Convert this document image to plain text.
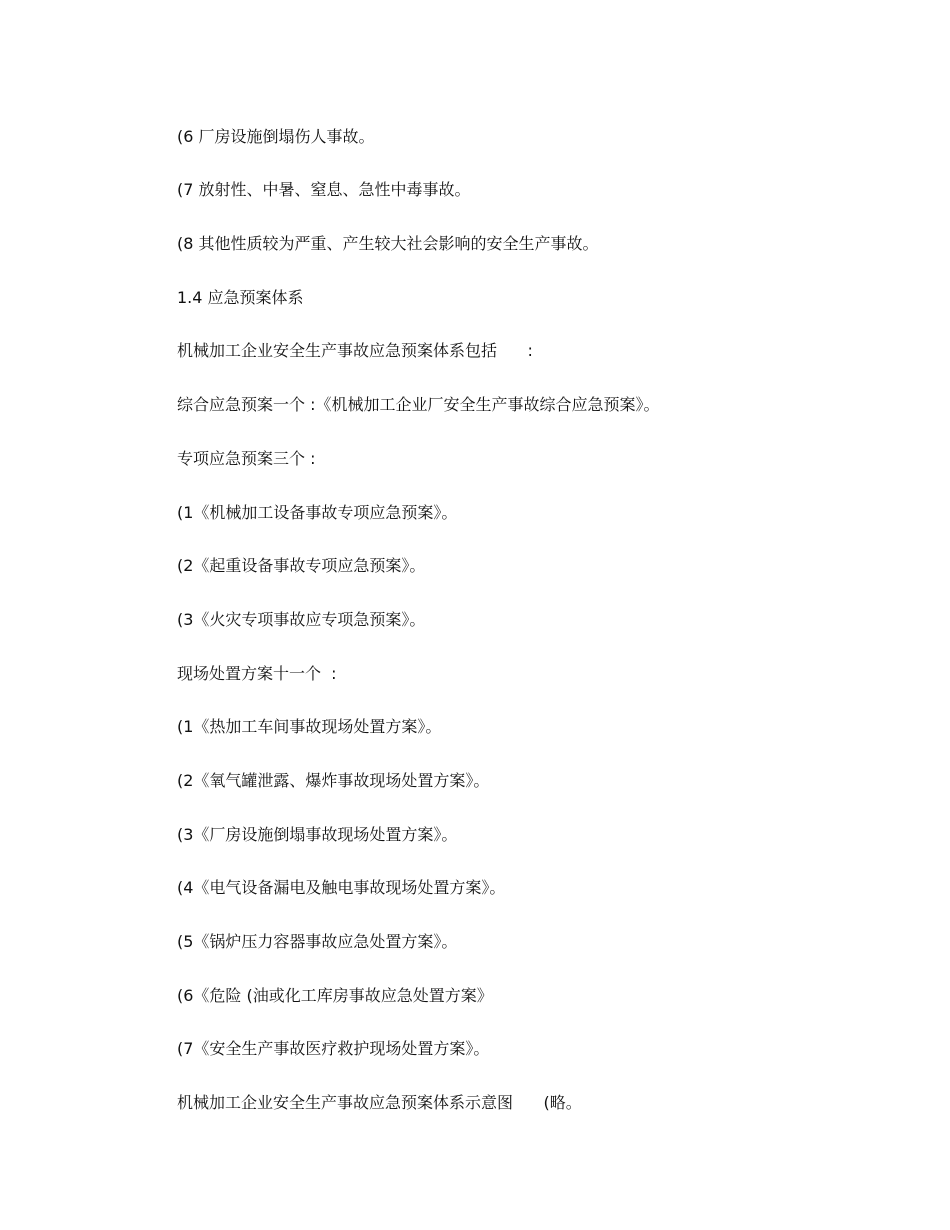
(6 厂房设施倒塌伤人事故。
(7 放射性、中暑、窒息、急性中毒事故。
(8 其他性质较为严重、产生较大社会影响的安全生产事故。
1.4 应急预案体系
机械加工企业安全生产事故应急预案体系包括      :
综合应急预案一个 :《机械加工企业厂安全生产事故综合应急预案》。
专项应急预案三个 :
(1《机械加工设备事故专项应急预案》。
(2《起重设备事故专项应急预案》。
(3《火灾专项事故应专项急预案》。
现场处置方案十一个  :
(1《热加工车间事故现场处置方案》。
(2《氧气罐泄露、爆炸事故现场处置方案》。
(3《厂房设施倒塌事故现场处置方案》。
(4《电气设备漏电及触电事故现场处置方案》。
(5《锅炉压力容器事故应急处置方案》。
(6《危险 (油或化工库房事故应急处置方案》
(7《安全生产事故医疗救护现场处置方案》。
机械加工企业安全生产事故应急预案体系示意图      (略。
